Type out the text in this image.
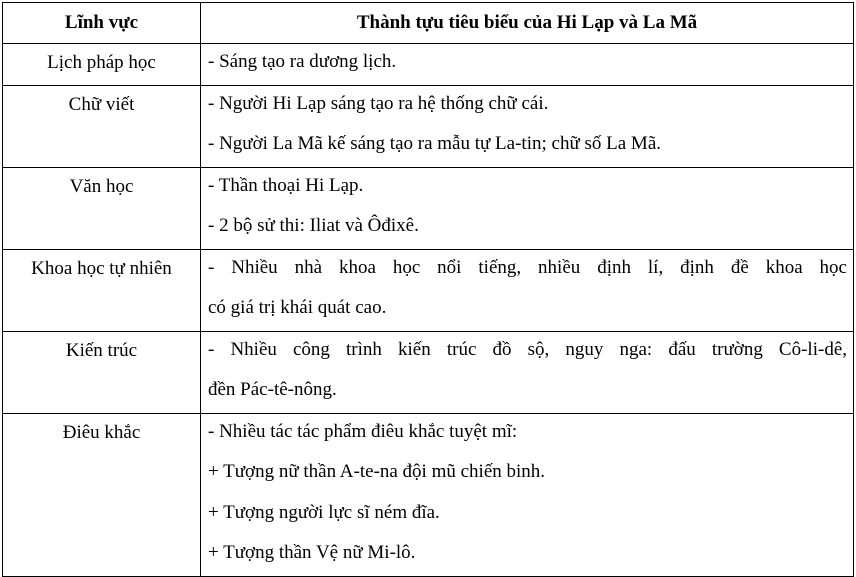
Lĩnh vực	Thành tựu tiêu biểu của Hi Lạp và La Mã

Lịch pháp học	- Sáng tạo ra dương lịch.

Chữ viết	- Người Hi Lạp sáng tạo ra hệ thống chữ cái.
- Người La Mã kế sáng tạo ra mẫu tự La-tin; chữ số La Mã.

Văn học	- Thần thoại Hi Lạp.
- 2 bộ sử thi: Iliat và Ôđixê.

Khoa học tự nhiên	- Nhiều nhà khoa học nổi tiếng, nhiều định lí, định đề khoa học
có giá trị khái quát cao.

Kiến trúc	- Nhiều công trình kiến trúc đồ sộ, nguy nga: đấu trường Cô-li-dê,
đền Pác-tê-nông.

Điêu khắc	- Nhiều tác tác phẩm điêu khắc tuyệt mĩ:
+ Tượng nữ thần A-te-na đội mũ chiến binh.
+ Tượng người lực sĩ ném đĩa.
+ Tượng thần Vệ nữ Mi-lô.
